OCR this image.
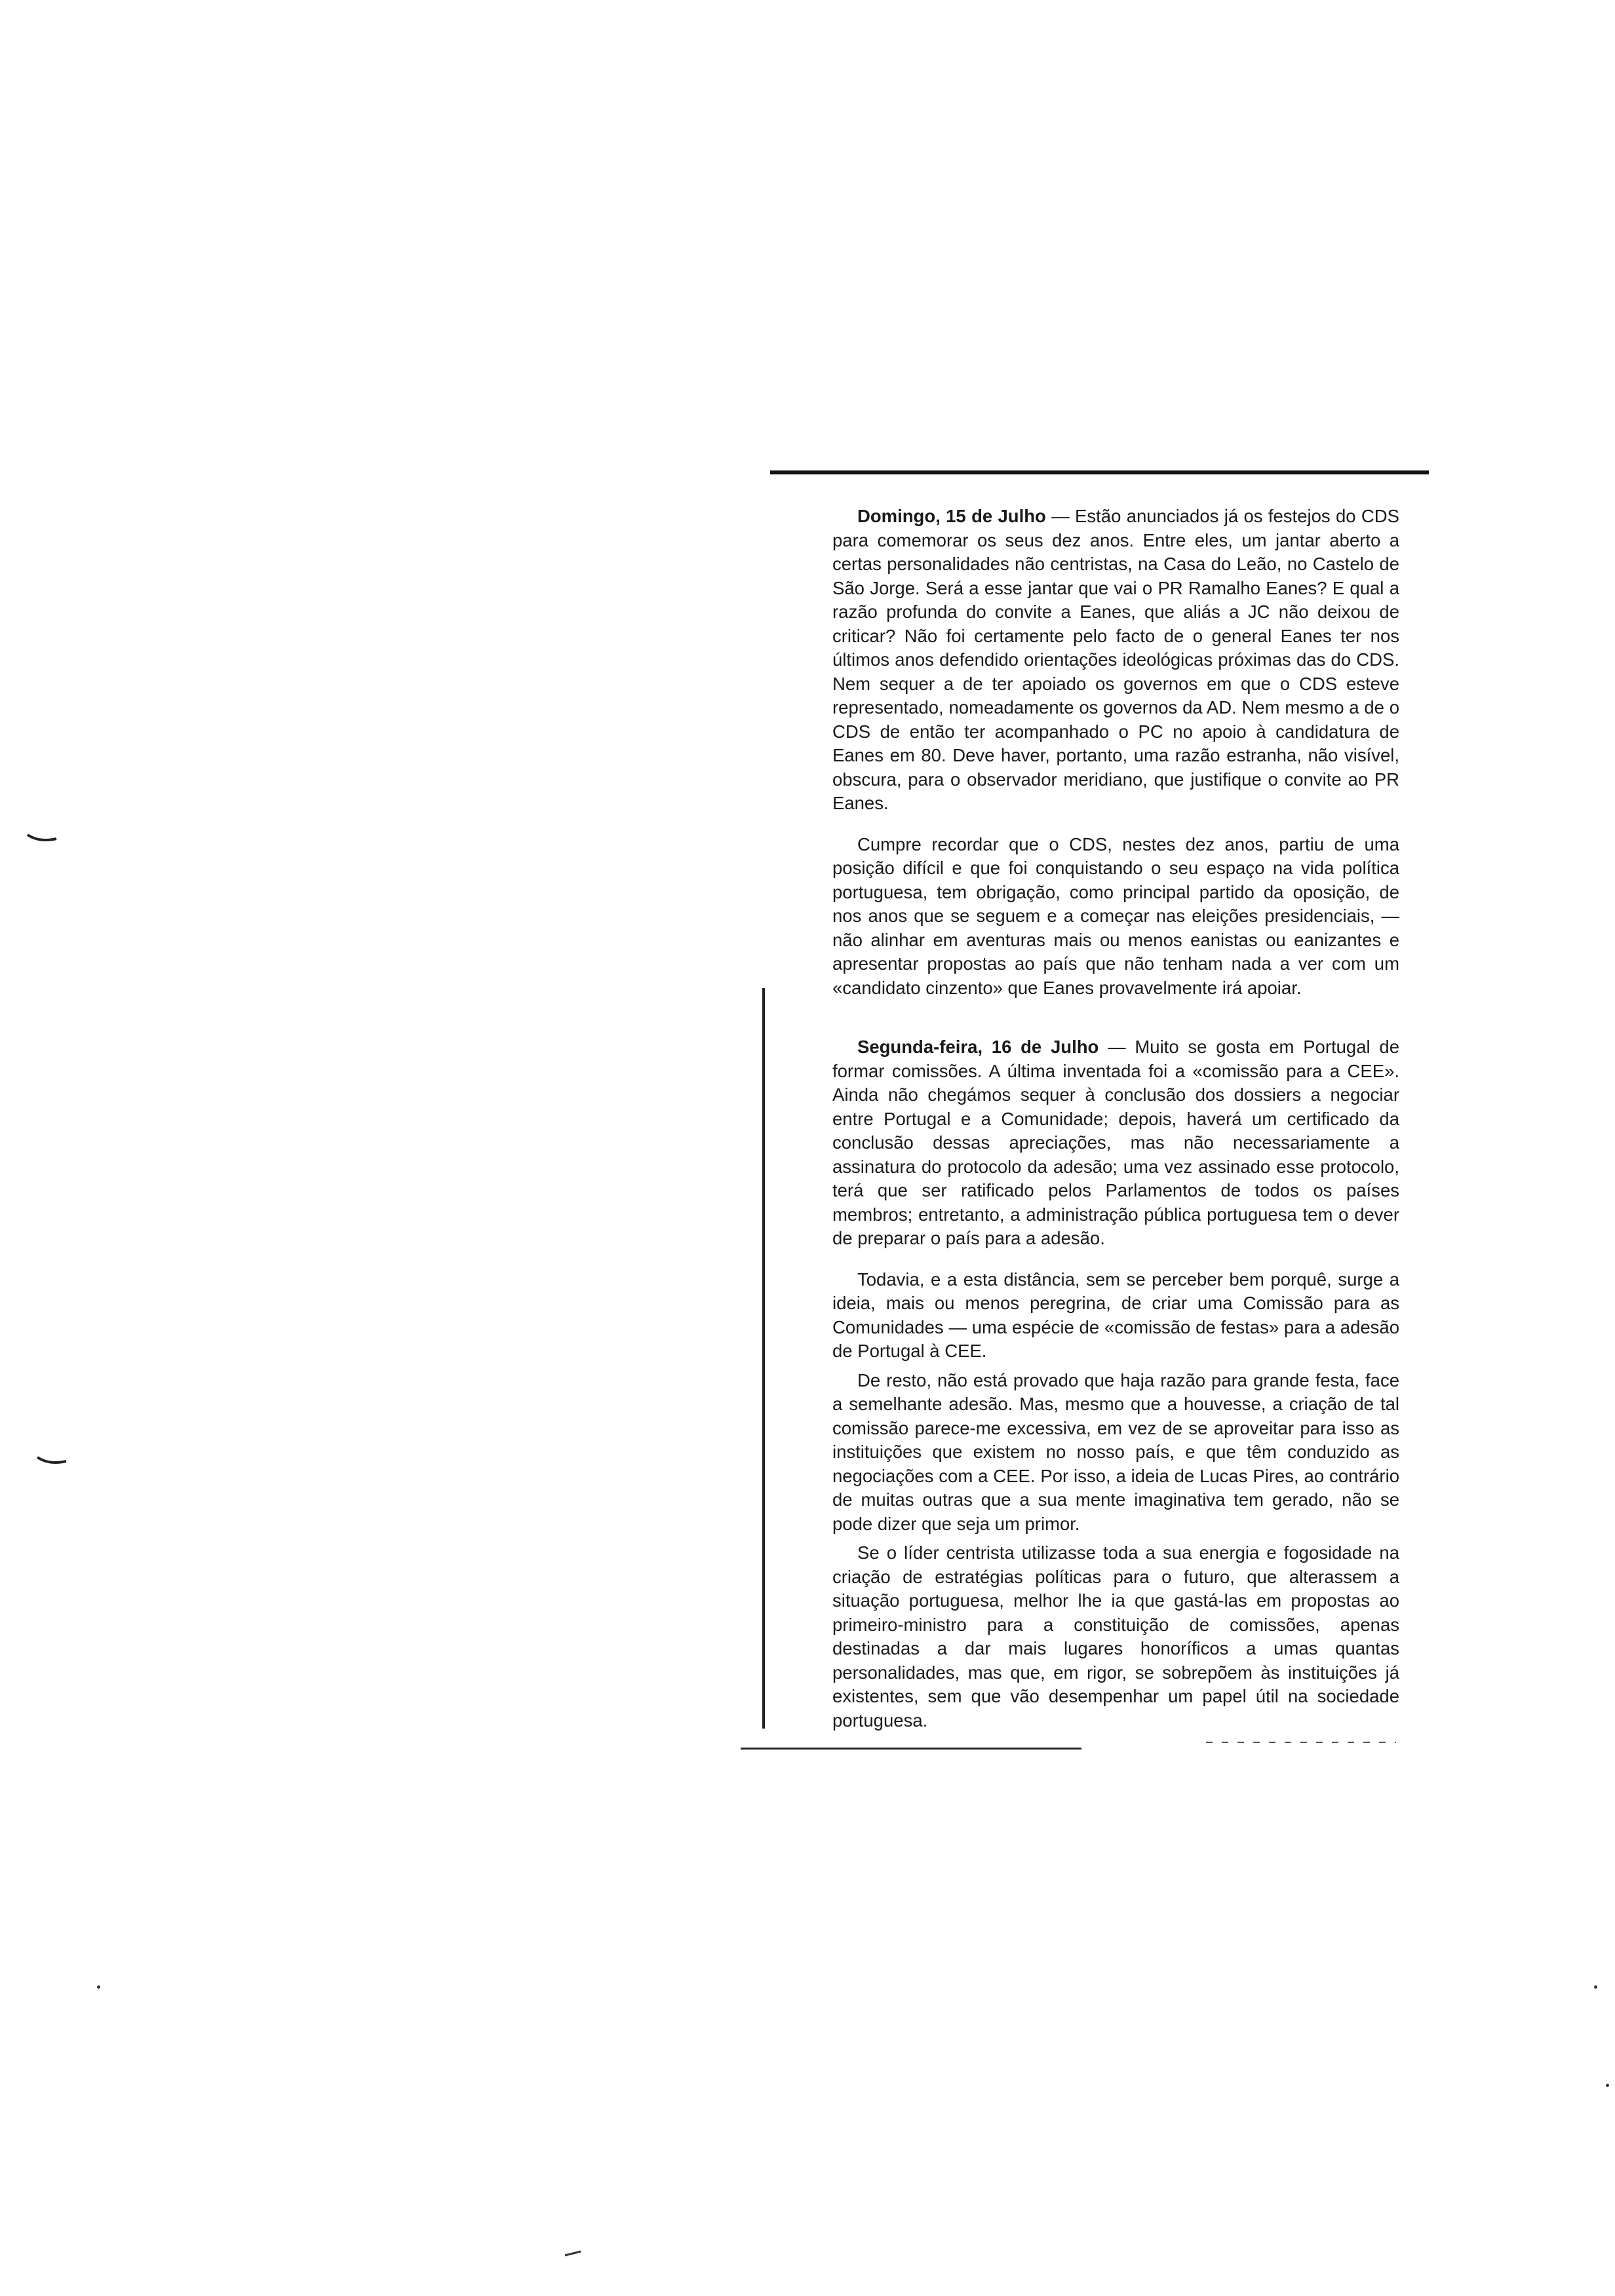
Domingo, 15 de Julho — Estão anunciados já os festejos do CDS para comemorar os seus dez anos. Entre eles, um jantar aberto a certas personalidades não centristas, na Casa do Leão, no Castelo de São Jorge. Será a esse jantar que vai o PR Ramalho Eanes? E qual a razão profunda do convite a Eanes, que aliás a JC não deixou de criticar? Não foi certamente pelo facto de o general Eanes ter nos últimos anos defendido orientações ideológicas próximas das do CDS. Nem sequer a de ter apoiado os governos em que o CDS esteve representado, nomeadamente os governos da AD. Nem mesmo a de o CDS de então ter acompanhado o PC no apoio à candidatura de Eanes em 80. Deve haver, portanto, uma razão estranha, não visível, obscura, para o observador meridiano, que justifique o convite ao PR Eanes.

Cumpre recordar que o CDS, nestes dez anos, partiu de uma posição difícil e que foi conquistando o seu espaço na vida política portuguesa, tem obrigação, como principal partido da oposição, de nos anos que se seguem e a começar nas eleições presidenciais, — não alinhar em aventuras mais ou menos eanistas ou eanizantes e apresentar propostas ao país que não tenham nada a ver com um «candidato cinzento» que Eanes provavelmente irá apoiar.

Segunda-feira, 16 de Julho — Muito se gosta em Portugal de formar comissões. A última inventada foi a «comissão para a CEE». Ainda não chegámos sequer à conclusão dos dossiers a negociar entre Portugal e a Comunidade; depois, haverá um certificado da conclusão dessas apreciações, mas não necessariamente a assinatura do protocolo da adesão; uma vez assinado esse protocolo, terá que ser ratificado pelos Parlamentos de todos os países membros; entretanto, a administração pública portuguesa tem o dever de preparar o país para a adesão.

Todavia, e a esta distância, sem se perceber bem porquê, surge a ideia, mais ou menos peregrina, de criar uma Comissão para as Comunidades — uma espécie de «comissão de festas» para a adesão de Portugal à CEE.

De resto, não está provado que haja razão para grande festa, face a semelhante adesão. Mas, mesmo que a houvesse, a criação de tal comissão parece-me excessiva, em vez de se aproveitar para isso as instituições que existem no nosso país, e que têm conduzido as negociações com a CEE. Por isso, a ideia de Lucas Pires, ao contrário de muitas outras que a sua mente imaginativa tem gerado, não se pode dizer que seja um primor.

Se o líder centrista utilizasse toda a sua energia e fogosidade na criação de estratégias políticas para o futuro, que alterassem a situação portuguesa, melhor lhe ia que gastá-las em propostas ao primeiro-ministro para a constituição de comissões, apenas destinadas a dar mais lugares honoríficos a umas quantas personalidades, mas que, em rigor, se sobrepõem às instituições já existentes, sem que vão desempenhar um papel útil na sociedade portuguesa.
